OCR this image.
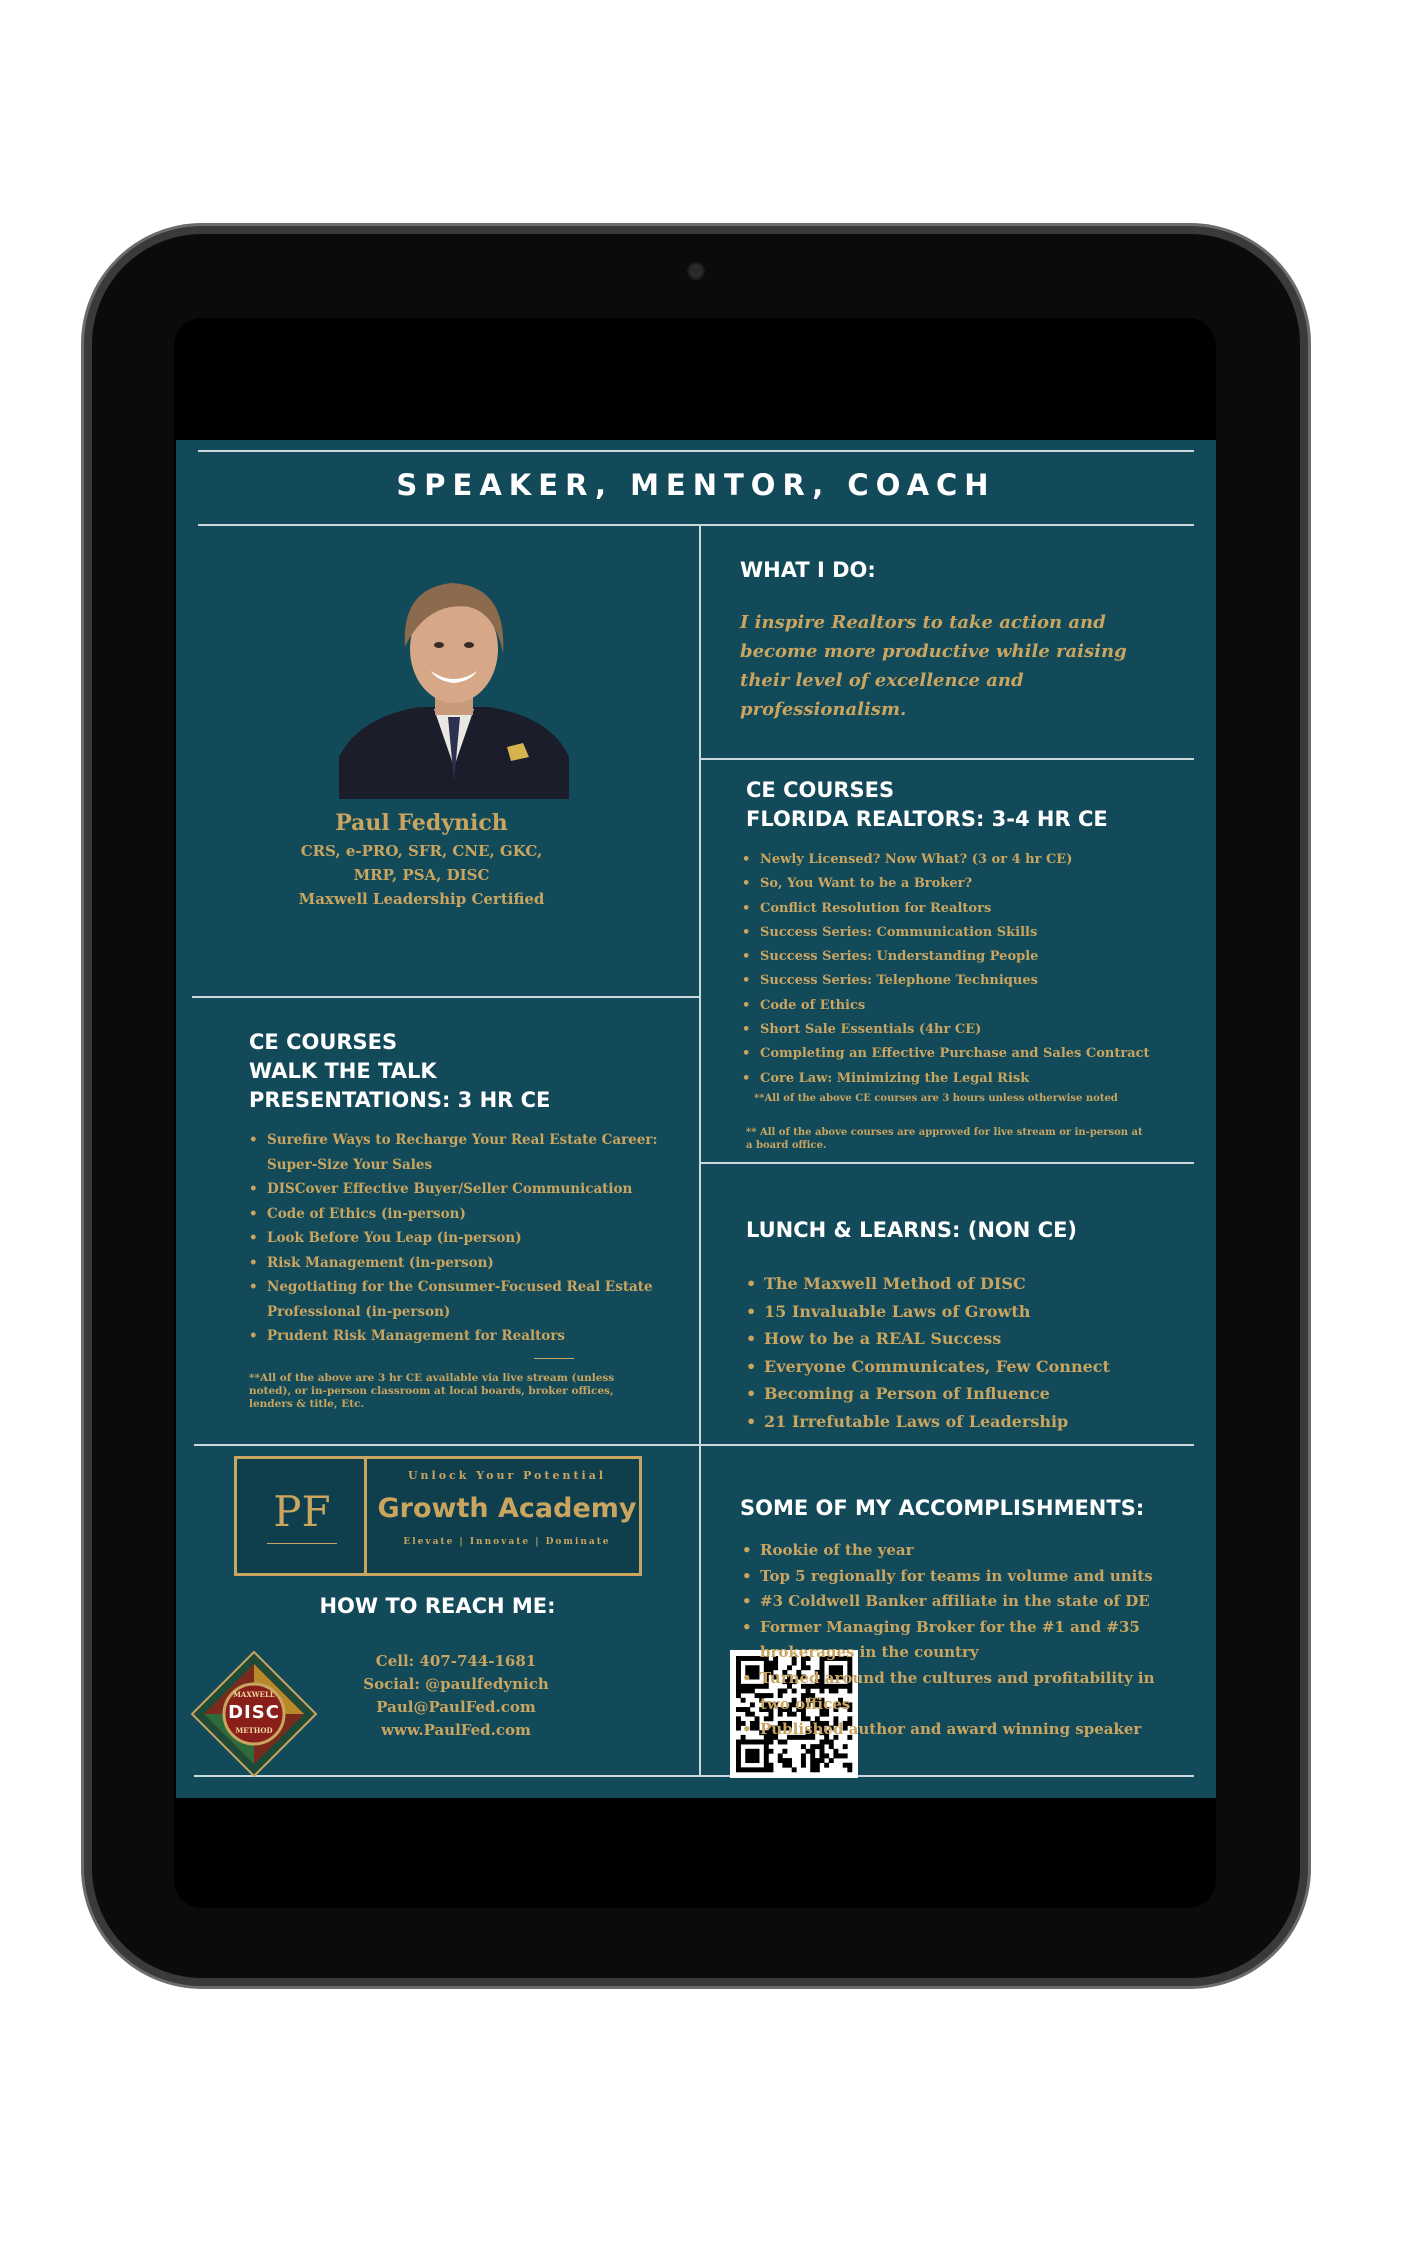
SPEAKER, MENTOR, COACH
Paul Fedynich
CRS, e-PRO, SFR, CNE, GKC,
MRP, PSA, DISC
Maxwell Leadership Certified
WHAT I DO:
I inspire Realtors to take action and become more productive while raising their level of excellence and professionalism.
CE COURSES
FLORIDA REALTORS: 3-4 HR CE
• Newly Licensed? Now What? (3 or 4 hr CE)
• So, You Want to be a Broker?
• Conflict Resolution for Realtors
• Success Series: Communication Skills
• Success Series: Understanding People
• Success Series: Telephone Techniques
• Code of Ethics
• Short Sale Essentials (4hr CE)
• Completing an Effective Purchase and Sales Contract
• Core Law: Minimizing the Legal Risk
**All of the above CE courses are 3 hours unless otherwise noted
** All of the above courses are approved for live stream or in-person at a board office.
CE COURSES
WALK THE TALK
PRESENTATIONS: 3 HR CE
• Surefire Ways to Recharge Your Real Estate Career: Super-Size Your Sales
• DISCover Effective Buyer/Seller Communication
• Code of Ethics (in-person)
• Look Before You Leap (in-person)
• Risk Management (in-person)
• Negotiating for the Consumer-Focused Real Estate Professional (in-person)
• Prudent Risk Management for Realtors
**All of the above are 3 hr CE available via live stream (unless noted), or in-person classroom at local boards, broker offices, lenders & title, Etc.
LUNCH & LEARNS: (NON CE)
• The Maxwell Method of DISC
• 15 Invaluable Laws of Growth
• How to be a REAL Success
• Everyone Communicates, Few Connect
• Becoming a Person of Influence
• 21 Irrefutable Laws of Leadership
PF
Unlock Your Potential
Growth Academy
Elevate | Innovate | Dominate
HOW TO REACH ME:
Cell: 407-744-1681
Social: @paulfedynich
Paul@PaulFed.com
www.PaulFed.com
MAXWELL
DISC
METHOD
SOME OF MY ACCOMPLISHMENTS:
• Rookie of the year
• Top 5 regionally for teams in volume and units
• #3 Coldwell Banker affiliate in the state of DE
• Former Managing Broker for the #1 and #35 brokerages in the country
• Turned around the cultures and profitability in two offices
• Published author and award winning speaker
